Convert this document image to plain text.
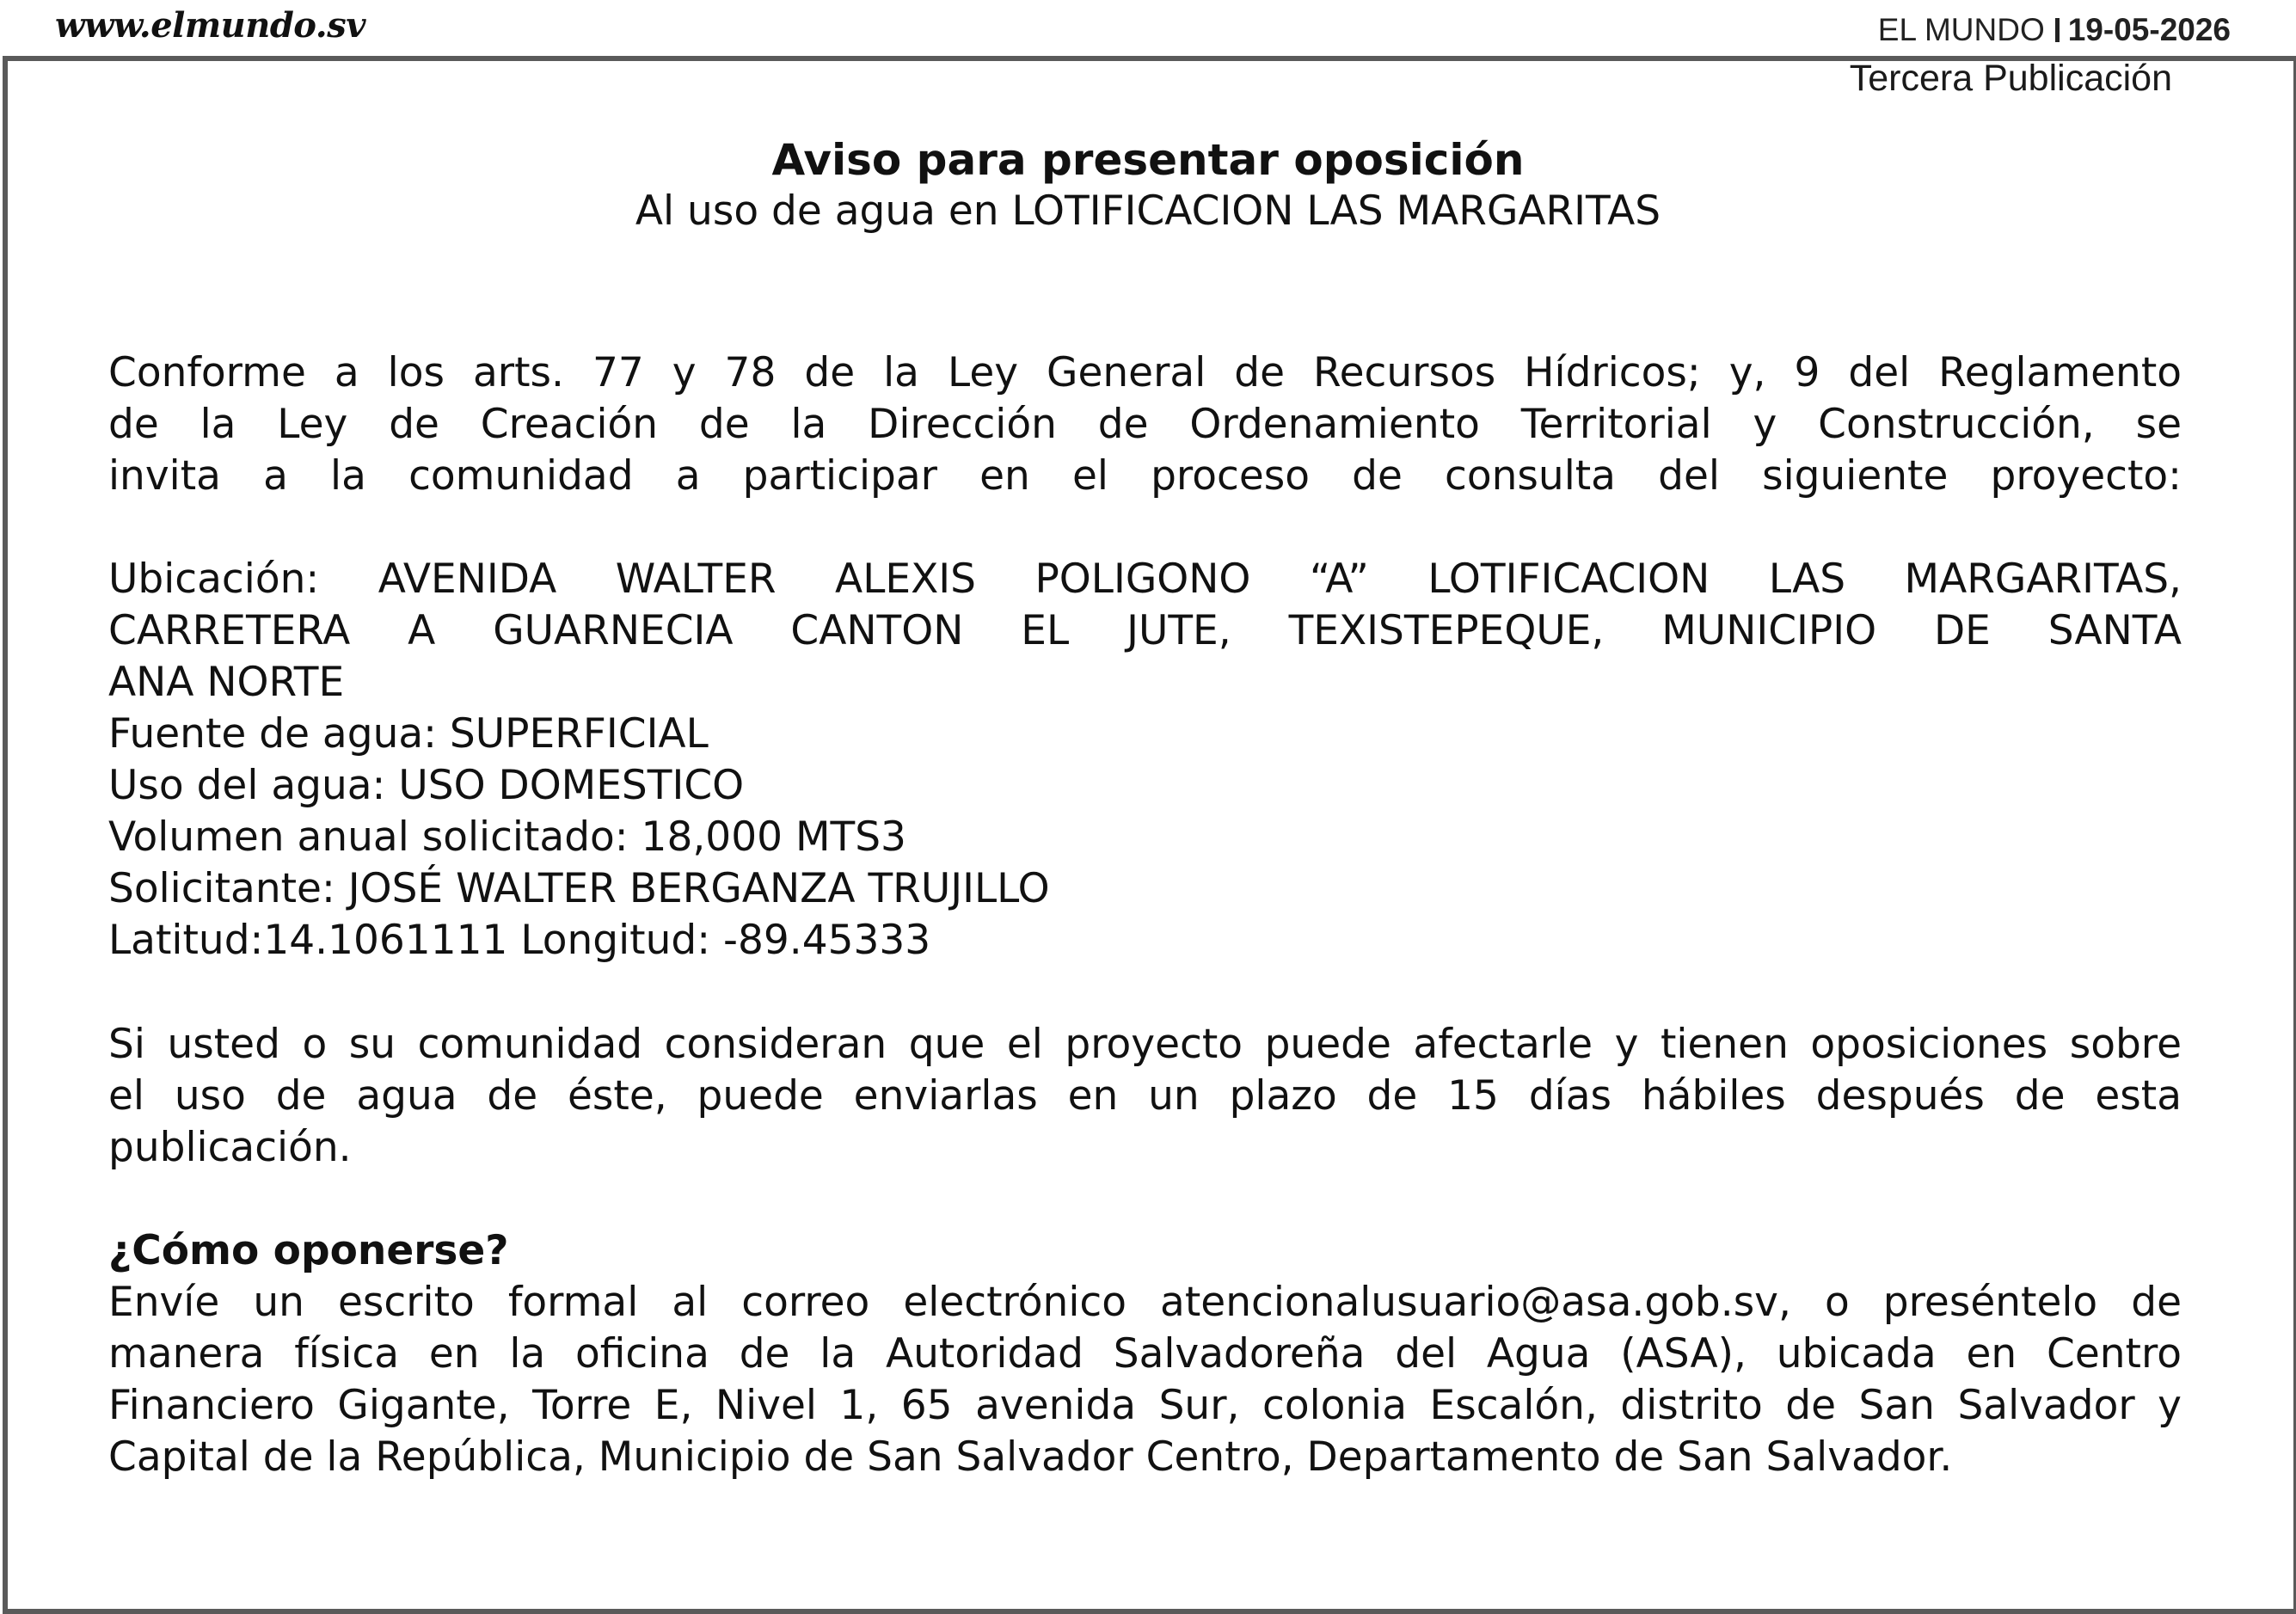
www.elmundo.sv	EL MUNDO 19-05-2026
Tercera Publicación
Aviso para presentar oposición
Al uso de agua en LOTIFICACION LAS MARGARITAS
Conforme a los arts. 77 y 78 de la Ley General de Recursos Hídricos; y, 9 del Reglamento
de la Ley de Creación de la Dirección de Ordenamiento Territorial y Construcción, se
invita a la comunidad a participar en el proceso de consulta del siguiente proyecto:
Ubicación: AVENIDA WALTER ALEXIS POLIGONO “A” LOTIFICACION LAS MARGARITAS,
CARRETERA A GUARNECIA CANTON EL JUTE, TEXISTEPEQUE, MUNICIPIO DE SANTA
ANA NORTE
Fuente de agua: SUPERFICIAL
Uso del agua: USO DOMESTICO
Volumen anual solicitado: 18,000 MTS3
Solicitante: JOSÉ WALTER BERGANZA TRUJILLO
Latitud:14.1061111 Longitud: -89.45333
Si usted o su comunidad consideran que el proyecto puede afectarle y tienen oposiciones sobre
el uso de agua de éste, puede enviarlas en un plazo de 15 días hábiles después de esta
publicación.
¿Cómo oponerse?
Envíe un escrito formal al correo electrónico atencionalusuario@asa.gob.sv, o preséntelo de
manera física en la oficina de la Autoridad Salvadoreña del Agua (ASA), ubicada en Centro
Financiero Gigante, Torre E, Nivel 1, 65 avenida Sur, colonia Escalón, distrito de San Salvador y
Capital de la República, Municipio de San Salvador Centro, Departamento de San Salvador.
